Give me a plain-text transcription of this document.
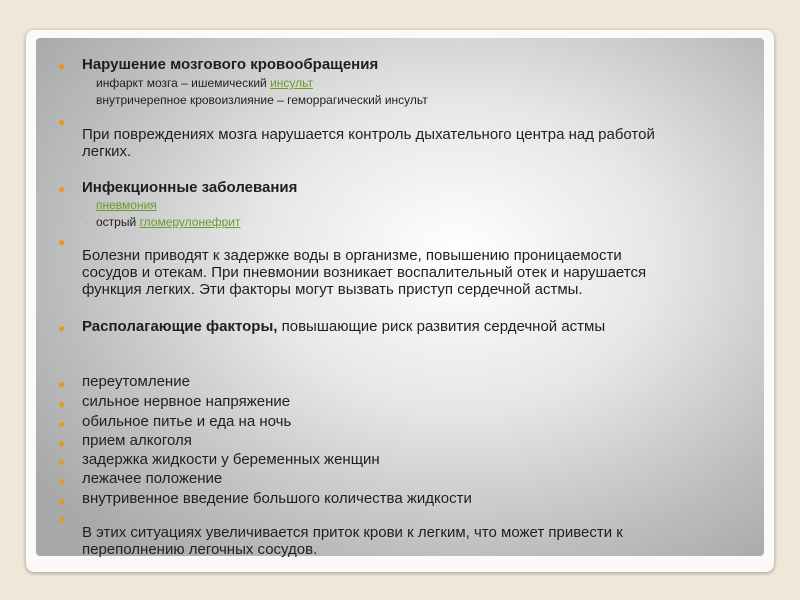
● Нарушение мозгового кровообращения
◦ инфаркт мозга – ишемический инсульт
◦ внутричерепное кровоизлияние – геморрагический инсульт
●
При повреждениях мозга нарушается контроль дыхательного центра над работой
легких.
● Инфекционные заболевания
◦ пневмония
◦ острый гломерулонефрит
●
Болезни приводят к задержке воды в организме, повышению проницаемости
сосудов и отекам. При пневмонии возникает воспалительный отек и нарушается
функция легких. Эти факторы могут вызвать приступ сердечной астмы.
● Располагающие факторы, повышающие риск развития сердечной астмы
● переутомление
● сильное нервное напряжение
● обильное питье и еда на ночь
● прием алкоголя
● задержка жидкости у беременных женщин
● лежачее положение
● внутривенное введение большого количества жидкости
●
В этих ситуациях увеличивается приток крови к легким, что может привести к
переполнению легочных сосудов.
